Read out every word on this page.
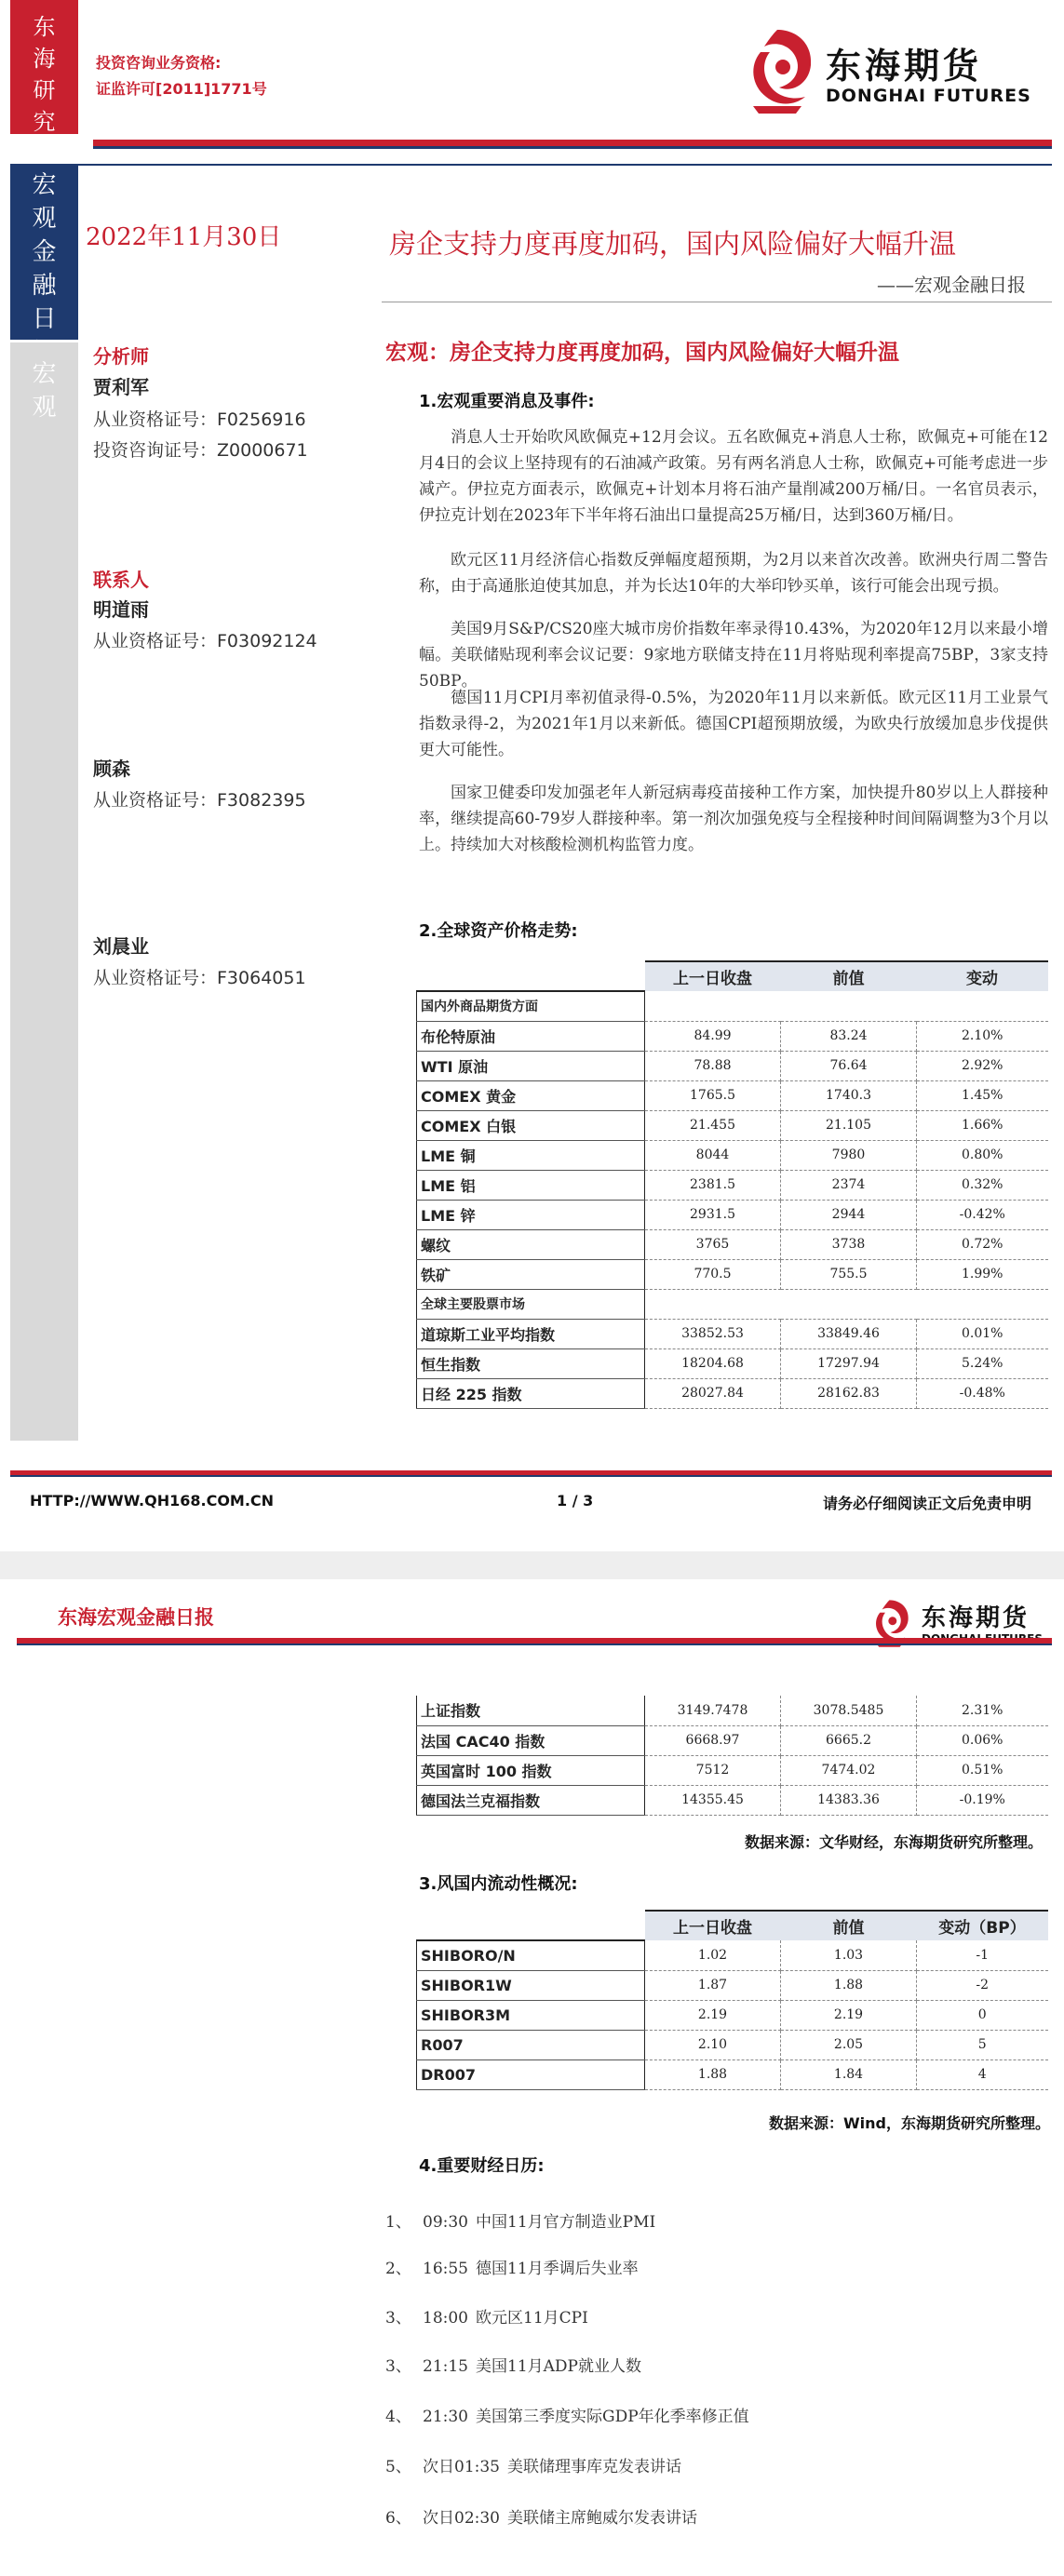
东海研究
投资咨询业务资格:
证监许可[2011]1771号
东海期货
DONGHAI FUTURES
宏观金融日
宏观
2022年11月30日
分析师
贾利军
从业资格证号：F0256916
投资咨询证号：Z0000671
联系人
明道雨
从业资格证号：F03092124
顾森
从业资格证号：F3082395
刘晨业
从业资格证号：F3064051
房企支持力度再度加码，国内风险偏好大幅升温
——宏观金融日报
宏观：房企支持力度再度加码，国内风险偏好大幅升温
1.宏观重要消息及事件:

消息人士开始吹风欧佩克+12月会议。五名欧佩克+消息人士称，欧佩克+可能在12月4日的会议上坚持现有的石油减产政策。另有两名消息人士称，欧佩克+可能考虑进一步减产。伊拉克方面表示，欧佩克+计划本月将石油产量削减200万桶/日。一名官员表示，伊拉克计划在2023年下半年将石油出口量提高25万桶/日，达到360万桶/日。

欧元区11月经济信心指数反弹幅度超预期，为2月以来首次改善。欧洲央行周二警告称，由于高通胀迫使其加息，并为长达10年的大举印钞买单，该行可能会出现亏损。

美国9月S&P/CS20座大城市房价指数年率录得10.43%，为2020年12月以来最小增幅。美联储贴现利率会议记要：9家地方联储支持在11月将贴现利率提高75BP，3家支持50BP。

德国11月CPI月率初值录得-0.5%，为2020年11月以来新低。欧元区11月工业景气指数录得-2，为2021年1月以来新低。德国CPI超预期放缓，为欧央行放缓加息步伐提供更大可能性。

国家卫健委印发加强老年人新冠病毒疫苗接种工作方案，加快提升80岁以上人群接种率，继续提高60-79岁人群接种率。第一剂次加强免疫与全程接种时间间隔调整为3个月以上。持续加大对核酸检测机构监管力度。

2.全球资产价格走势:
	上一日收盘	前值	变动
国内外商品期货方面			
布伦特原油	84.99	83.24	2.10%
WTI 原油	78.88	76.64	2.92%
COMEX 黄金	1765.5	1740.3	1.45%
COMEX 白银	21.455	21.105	1.66%
LME 铜	8044	7980	0.80%
LME 铝	2381.5	2374	0.32%
LME 锌	2931.5	2944	-0.42%
螺纹	3765	3738	0.72%
铁矿	770.5	755.5	1.99%
全球主要股票市场			
道琼斯工业平均指数	33852.53	33849.46	0.01%
恒生指数	18204.68	17297.94	5.24%
日经 225 指数	28027.84	28162.83	-0.48%
HTTP://WWW.QH168.COM.CN	1 / 3	请务必仔细阅读正文后免责申明
东海宏观金融日报	东海期货
上证指数	3149.7478	3078.5485	2.31%
法国 CAC40 指数	6668.97	6665.2	0.06%
英国富时 100 指数	7512	7474.02	0.51%
德国法兰克福指数	14355.45	14383.36	-0.19%
数据来源：文华财经，东海期货研究所整理。
3.风国内流动性概况:
	上一日收盘	前值	变动（BP）
SHIBORO/N	1.02	1.03	-1
SHIBOR1W	1.87	1.88	-2
SHIBOR3M	2.19	2.19	0
R007	2.10	2.05	5
DR007	1.88	1.84	4
数据来源：Wind，东海期货研究所整理。
4.重要财经日历:
1、 09:30 中国11月官方制造业PMI
2、 16:55 德国11月季调后失业率
3、 18:00 欧元区11月CPI
3、 21:15 美国11月ADP就业人数
4、 21:30 美国第三季度实际GDP年化季率修正值
5、 次日01:35 美联储理事库克发表讲话
6、 次日02:30 美联储主席鲍威尔发表讲话
